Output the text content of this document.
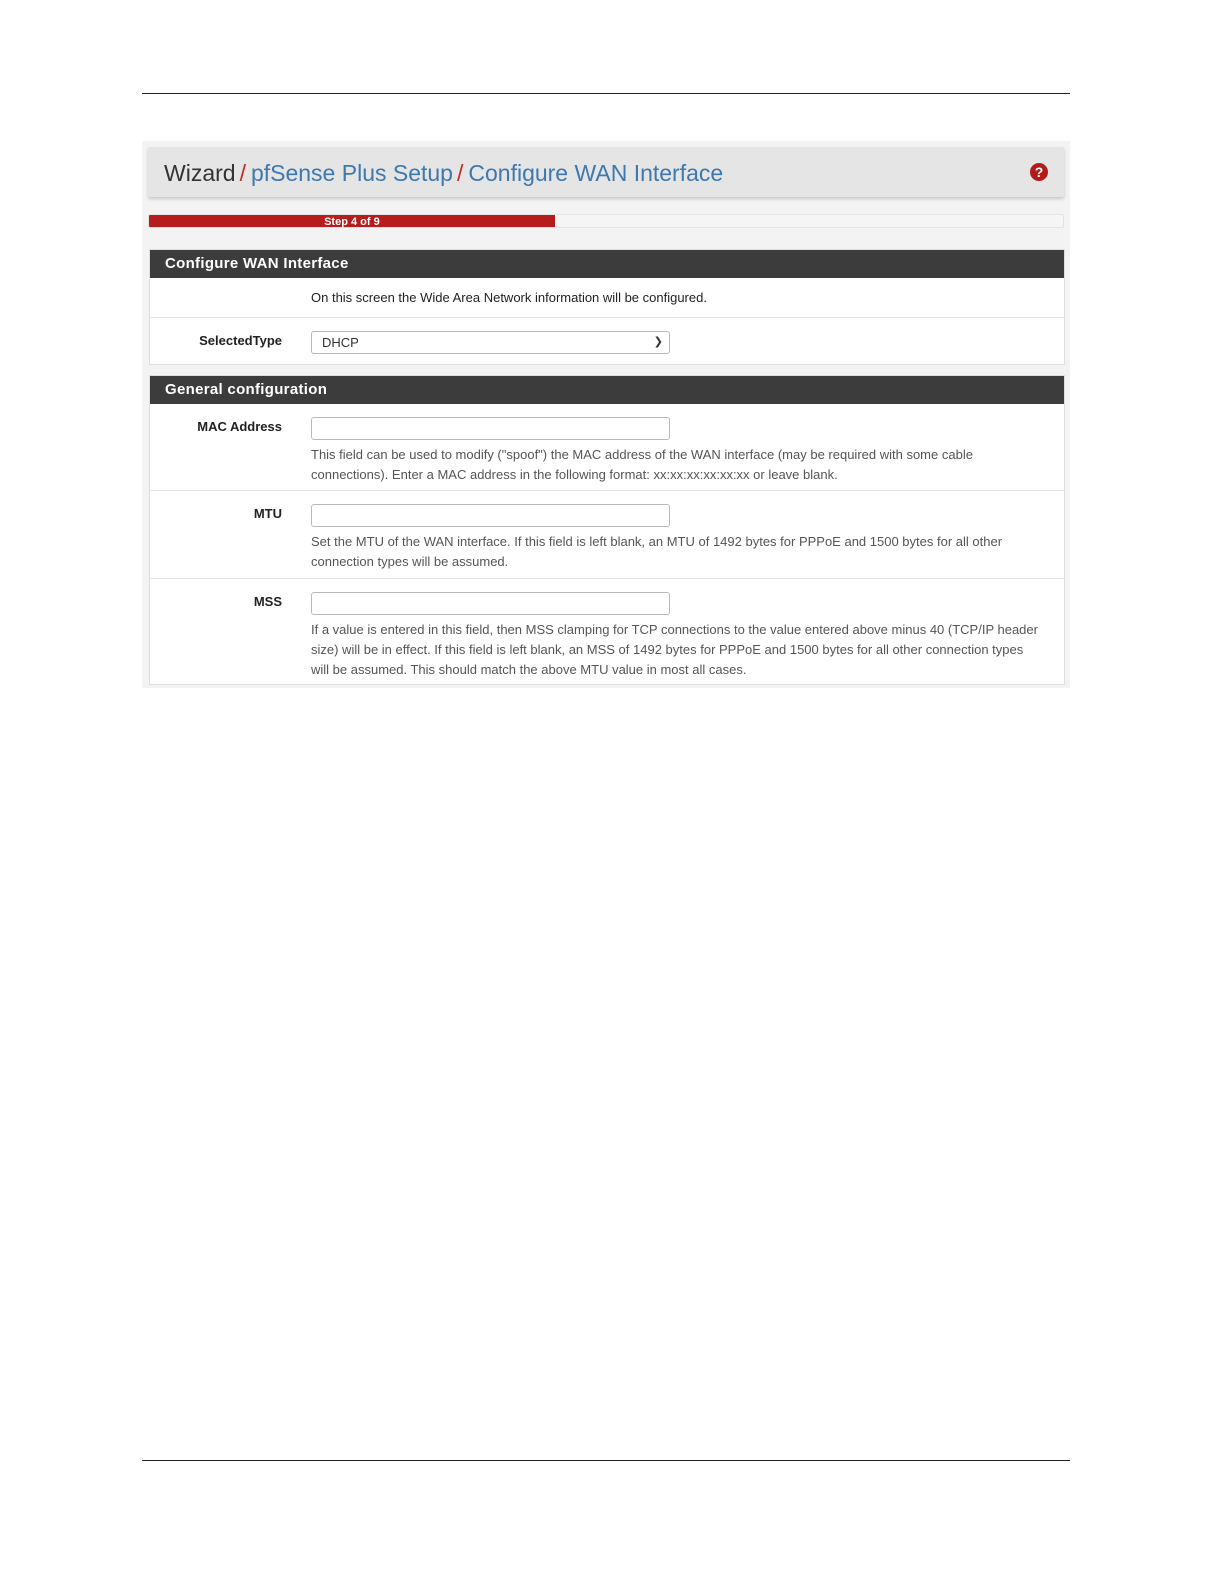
Wizard / pfSense Plus Setup / Configure WAN Interface	?
Step 4 of 9
Configure WAN Interface
On this screen the Wide Area Network information will be configured.
SelectedType	DHCP	❯
General configuration
MAC Address
This field can be used to modify ("spoof") the MAC address of the WAN interface (may be required with some cable connections). Enter a MAC address in the following format: xx:xx:xx:xx:xx:xx or leave blank.
MTU
Set the MTU of the WAN interface. If this field is left blank, an MTU of 1492 bytes for PPPoE and 1500 bytes for all other connection types will be assumed.
MSS
If a value is entered in this field, then MSS clamping for TCP connections to the value entered above minus 40 (TCP/IP header size) will be in effect. If this field is left blank, an MSS of 1492 bytes for PPPoE and 1500 bytes for all other connection types will be assumed. This should match the above MTU value in most all cases.
